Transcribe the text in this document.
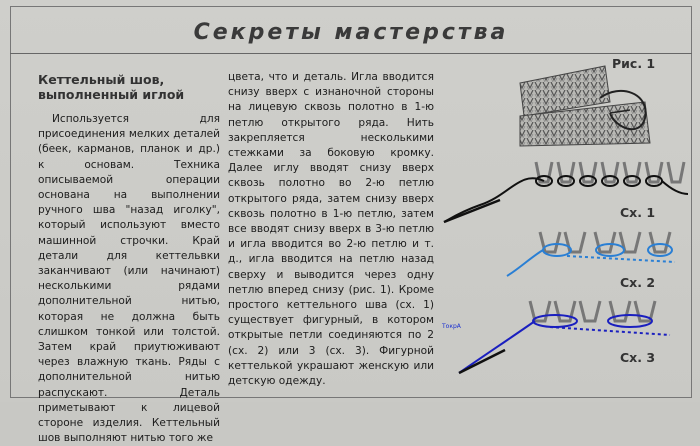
Секреты мастерства
Кеттельный шов,
выполненный иглой
Используется для присоединения мелких деталей (беек, карманов, планок и др.) к основам. Техника описываемой операции основана на выполнении ручного шва "назад иголку", который используют вместо машинной строчки. Край детали для кеттельвки заканчивают (или начинают) несколькими рядами дополнительной нитью, которая не должна быть слишком тонкой или толстой. Затем край приутюживают через влажную ткань. Ряды с дополнительной нитью распускают. Деталь приметывают к лицевой стороне изделия. Кеттельный шов выполняют нитью того же
цвета, что и деталь. Игла вводится снизу вверх с изнаночной стороны на лицевую сквозь полотно в 1-ю петлю открытого ряда. Нить закрепляется несколькими стежками за боковую кромку. Далее иглу вводят снизу вверх сквозь полотно во 2-ю петлю открытого ряда, затем снизу вверх сквозь полотно в 1-ю петлю, затем все вводят снизу вверх в 3-ю петлю и игла вводится во 2-ю петлю и т. д., игла вводится на петлю назад сверху и выводится через одну петлю вперед снизу (рис. 1). Кроме простого кеттельного шва (сх. 1) существует фигурный, в котором открытые петли соединяются по 2 (сх. 2) или 3 (сх. 3). Фигурной кеттелькой украшают женскую или детскую одежду.
Рис. 1
Сх. 1
Сх. 2
Сх. 3
ТокрА
